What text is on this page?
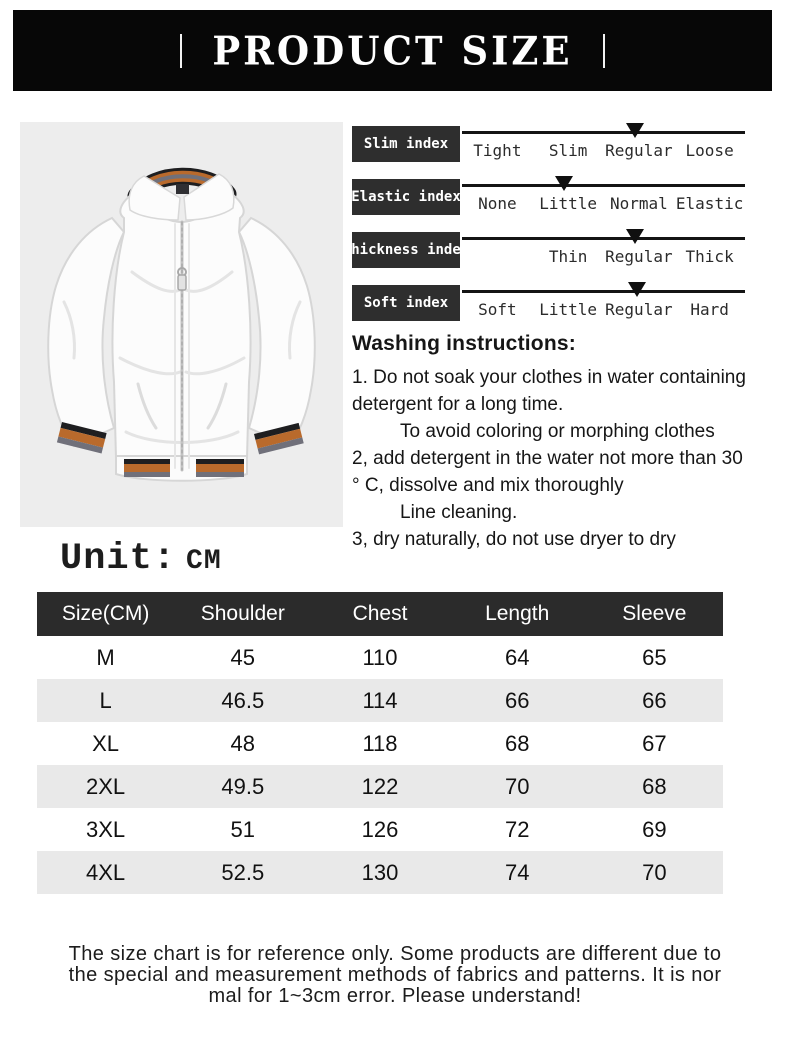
PRODUCT SIZE
Slim index	Tight	Slim	Regular Loose
Elastic index	None	Little Normal Elastic
Thickness index	Thin	Regular Thick
Soft index	Soft	Little Regular	Hard
Washing instructions:
1. Do not soak your clothes in water containing
detergent for a long time.
To avoid coloring or morphing clothes
2, add detergent in the water not more than 30
° C, dissolve and mix thoroughly
Line cleaning.
3, dry naturally, do not use dryer to dry
Unit: CM
Size(CM)	Shoulder	Chest	Length	Sleeve
M	45	110	64	65
L	46.5	114	66	66
XL	48	118	68	67
2XL	49.5	122	70	68
3XL	51	126	72	69
4XL	52.5	130	74	70
The size chart is for reference only. Some products are different due to
the special and measurement methods of fabrics and patterns. It is nor
mal for 1~3cm error. Please understand!
